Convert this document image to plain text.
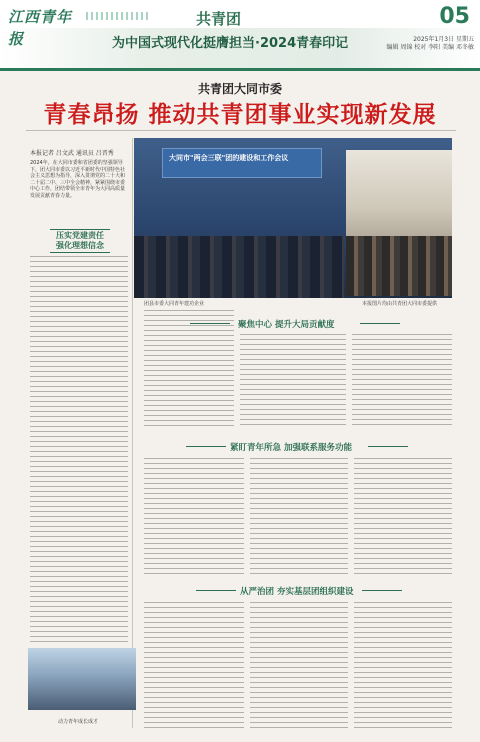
江西青年报
共青团
为中国式现代化挺膺担当·2024青春印记
05
2025年1月3日 星期五
编辑 周锦 校对 李阳 美编 邓冬敏
共青团大同市委
青春昂扬 推动共青团事业实现新发展
本报记者 吕文武 通讯员 吕晋秀
2024年，在大同市委和省团委的坚强领导下，团大同市委以习近平新时代中国特色社会主义思想为指导，深入贯彻党的二十大和二十届二中、三中全会精神，紧紧围绕市委中心工作，团结带领全市青年为大同高质量发展贡献青春力量。
压实党建责任
强化理想信念
大同市"两会三联"团的建设和工作会议
团县市委大同青年建功企业	本报图片均由共青团大同市委提供
聚焦中心 提升大局贡献度
紧盯青年所急 加强联系服务功能
从严治团 夯实基层团组织建设
动力青年成长成才
